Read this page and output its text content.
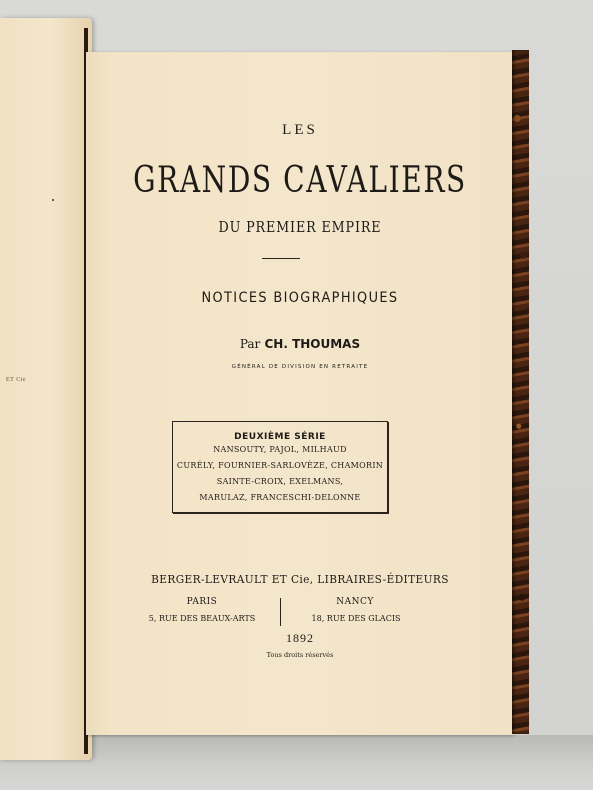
ET Cie
LES
GRANDS CAVALIERS
DU PREMIER EMPIRE
NOTICES BIOGRAPHIQUES
Par CH. THOUMAS
GÉNÉRAL DE DIVISION EN RETRAITE
DEUXIÈME SÉRIE
NANSOUTY, PAJOL, MILHAUD
CURÉLY, FOURNIER-SARLOVÈZE, CHAMORIN
SAINTE-CROIX, EXELMANS,
MARULAZ, FRANCESCHI-DELONNE
BERGER-LEVRAULT ET Cie, LIBRAIRES-ÉDITEURS
PARIS
5, RUE DES BEAUX-ARTS
NANCY
18, RUE DES GLACIS
1892
Tous droits réservés
